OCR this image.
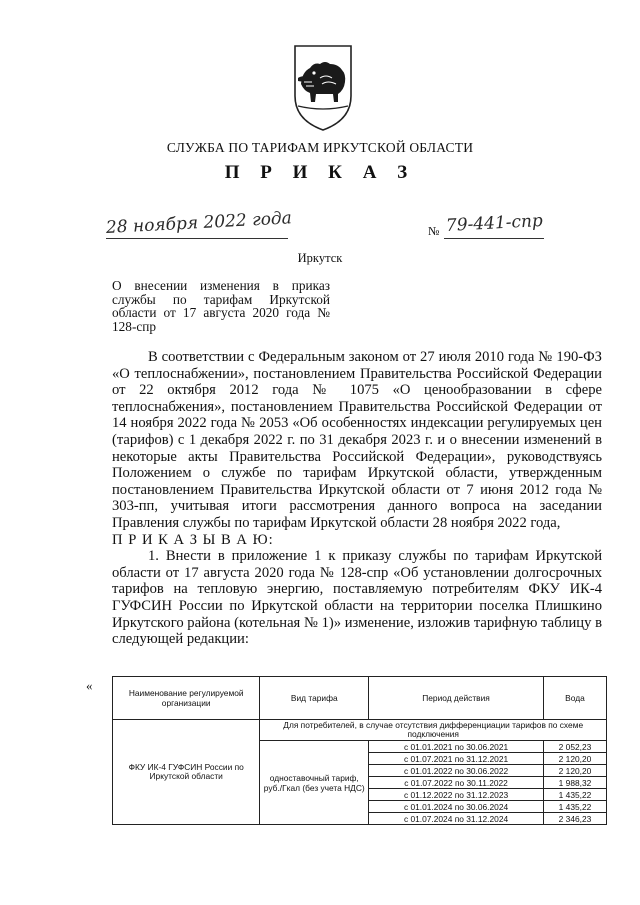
СЛУЖБА ПО ТАРИФАМ ИРКУТСКОЙ ОБЛАСТИ
П Р И К А З
28 ноября 2022 года	№ 79-441-спр
Иркутск
О внесении изменения в приказ службы по тарифам Иркутской области от 17 августа 2020 года № 128-спр

В соответствии с Федеральным законом от 27 июля 2010 года № 190-ФЗ «О теплоснабжении», постановлением Правительства Российской Федерации от 22 октября 2012 года № 1075 «О ценообразовании в сфере теплоснабжения», постановлением Правительства Российской Федерации от 14 ноября 2022 года № 2053 «Об особенностях индексации регулируемых цен (тарифов) с 1 декабря 2022 г. по 31 декабря 2023 г. и о внесении изменений в некоторые акты Правительства Российской Федерации», руководствуясь Положением о службе по тарифам Иркутской области, утвержденным постановлением Правительства Иркутской области от 7 июня 2012 года № 303-пп, учитывая итоги рассмотрения данного вопроса на заседании Правления службы по тарифам Иркутской области 28 ноября 2022 года,

П Р И К А З Ы В А Ю:

1. Внести в приложение 1 к приказу службы по тарифам Иркутской области от 17 августа 2020 года № 128-спр «Об установлении долгосрочных тарифов на тепловую энергию, поставляемую потребителям ФКУ ИК-4 ГУФСИН России по Иркутской области на территории поселка Плишкино Иркутского района (котельная № 1)» изменение, изложив тарифную таблицу в следующей редакции:

«	Наименование регулируемой организации	Вид тарифа	Период действия	Вода
ФКУ ИК-4 ГУФСИН России по Иркутской области	Для потребителей, в случае отсутствия дифференциации тарифов по схеме подключения		
	одноставочный тариф, руб./Гкал (без учета НДС)	с 01.01.2021 по 30.06.2021	2 052,23
		с 01.07.2021 по 31.12.2021	2 120,20
		с 01.01.2022 по 30.06.2022	2 120,20
		с 01.07.2022 по 30.11.2022	1 988,32
		с 01.12.2022 по 31.12.2023	1 435,22
		с 01.01.2024 по 30.06.2024	1 435,22
		с 01.07.2024 по 31.12.2024	2 346,23
